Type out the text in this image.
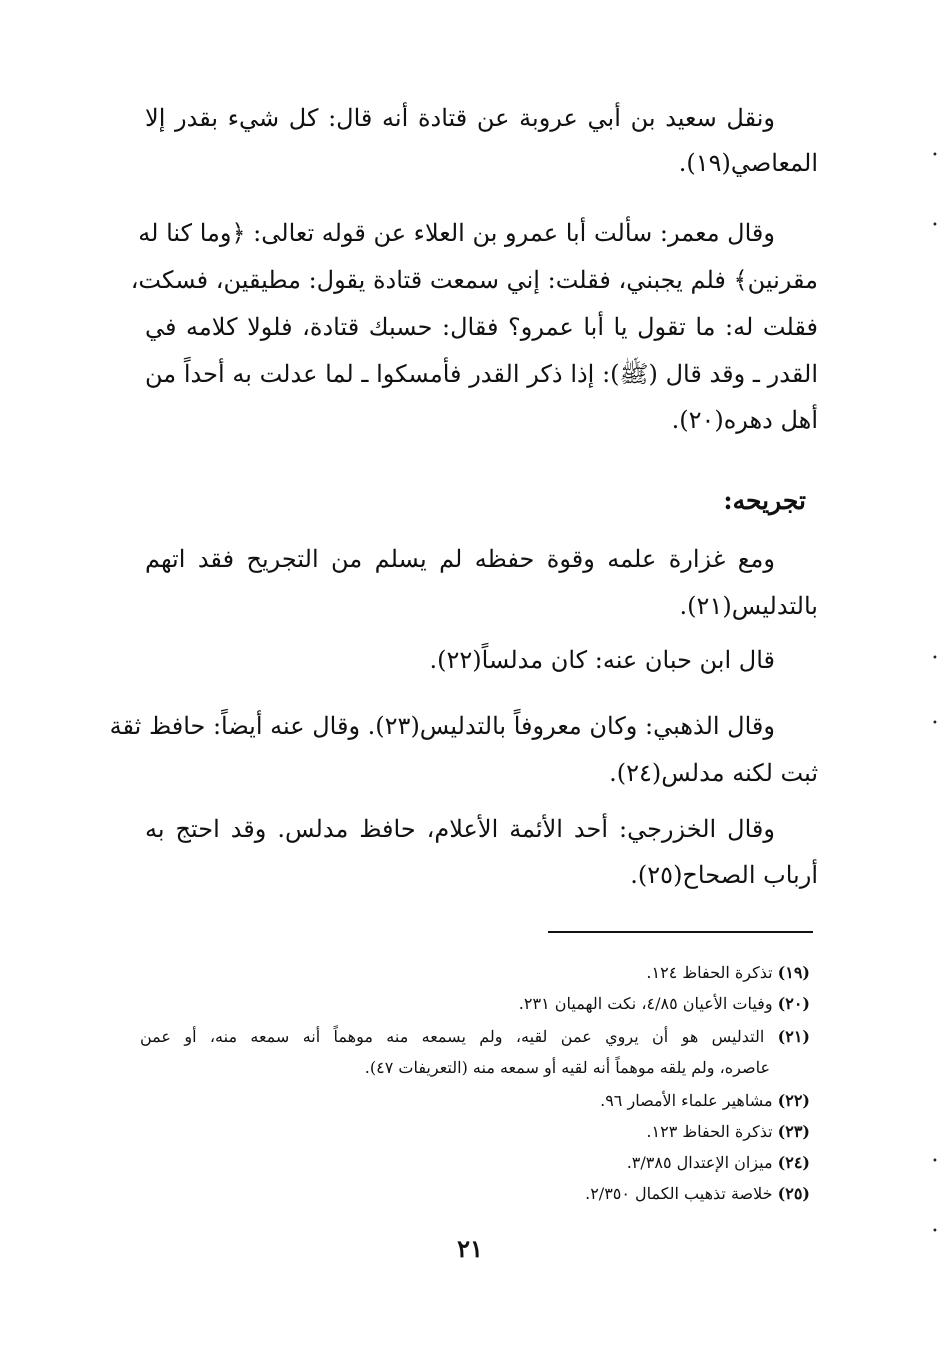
ونقل سعيد بن أبي عروبة عن قتادة أنه قال: كل شيء بقدر إلا
المعاصي(١٩).
وقال معمر: سألت أبا عمرو بن العلاء عن قوله تعالى: ﴿وما كنا له
مقرنين﴾ فلم يجبني، فقلت: إني سمعت قتادة يقول: مطيقين، فسكت،
فقلت له: ما تقول يا أبا عمرو؟ فقال: حسبك قتادة، فلولا كلامه في
القدر ـ وقد قال (ﷺ): إذا ذكر القدر فأمسكوا ـ لما عدلت به أحداً من
أهل دهره(٢٠).
تجريحه:
ومع غزارة علمه وقوة حفظه لم يسلم من التجريح فقد اتهم
بالتدليس(٢١).
قال ابن حبان عنه: كان مدلساً(٢٢).
وقال الذهبي: وكان معروفاً بالتدليس(٢٣). وقال عنه أيضاً: حافظ ثقة
ثبت لكنه مدلس(٢٤).
وقال الخزرجي: أحد الأئمة الأعلام، حافظ مدلس. وقد احتج به
أرباب الصحاح(٢٥).
(١٩) تذكرة الحفاظ ١٢٤.
(٢٠) وفيات الأعيان ٤/٨٥، نكت الهميان ٢٣١.
(٢١) التدليس هو أن يروي عمن لقيه، ولم يسمعه منه موهماً أنه سمعه منه، أو عمن
عاصره، ولم يلقه موهماً أنه لقيه أو سمعه منه (التعريفات ٤٧).
(٢٢) مشاهير علماء الأمصار ٩٦.
(٢٣) تذكرة الحفاظ ١٢٣.
(٢٤) ميزان الإعتدال ٣/٣٨٥.
(٢٥) خلاصة تذهيب الكمال ٢/٣٥٠.
٢١
•
•
•
•
•
•
